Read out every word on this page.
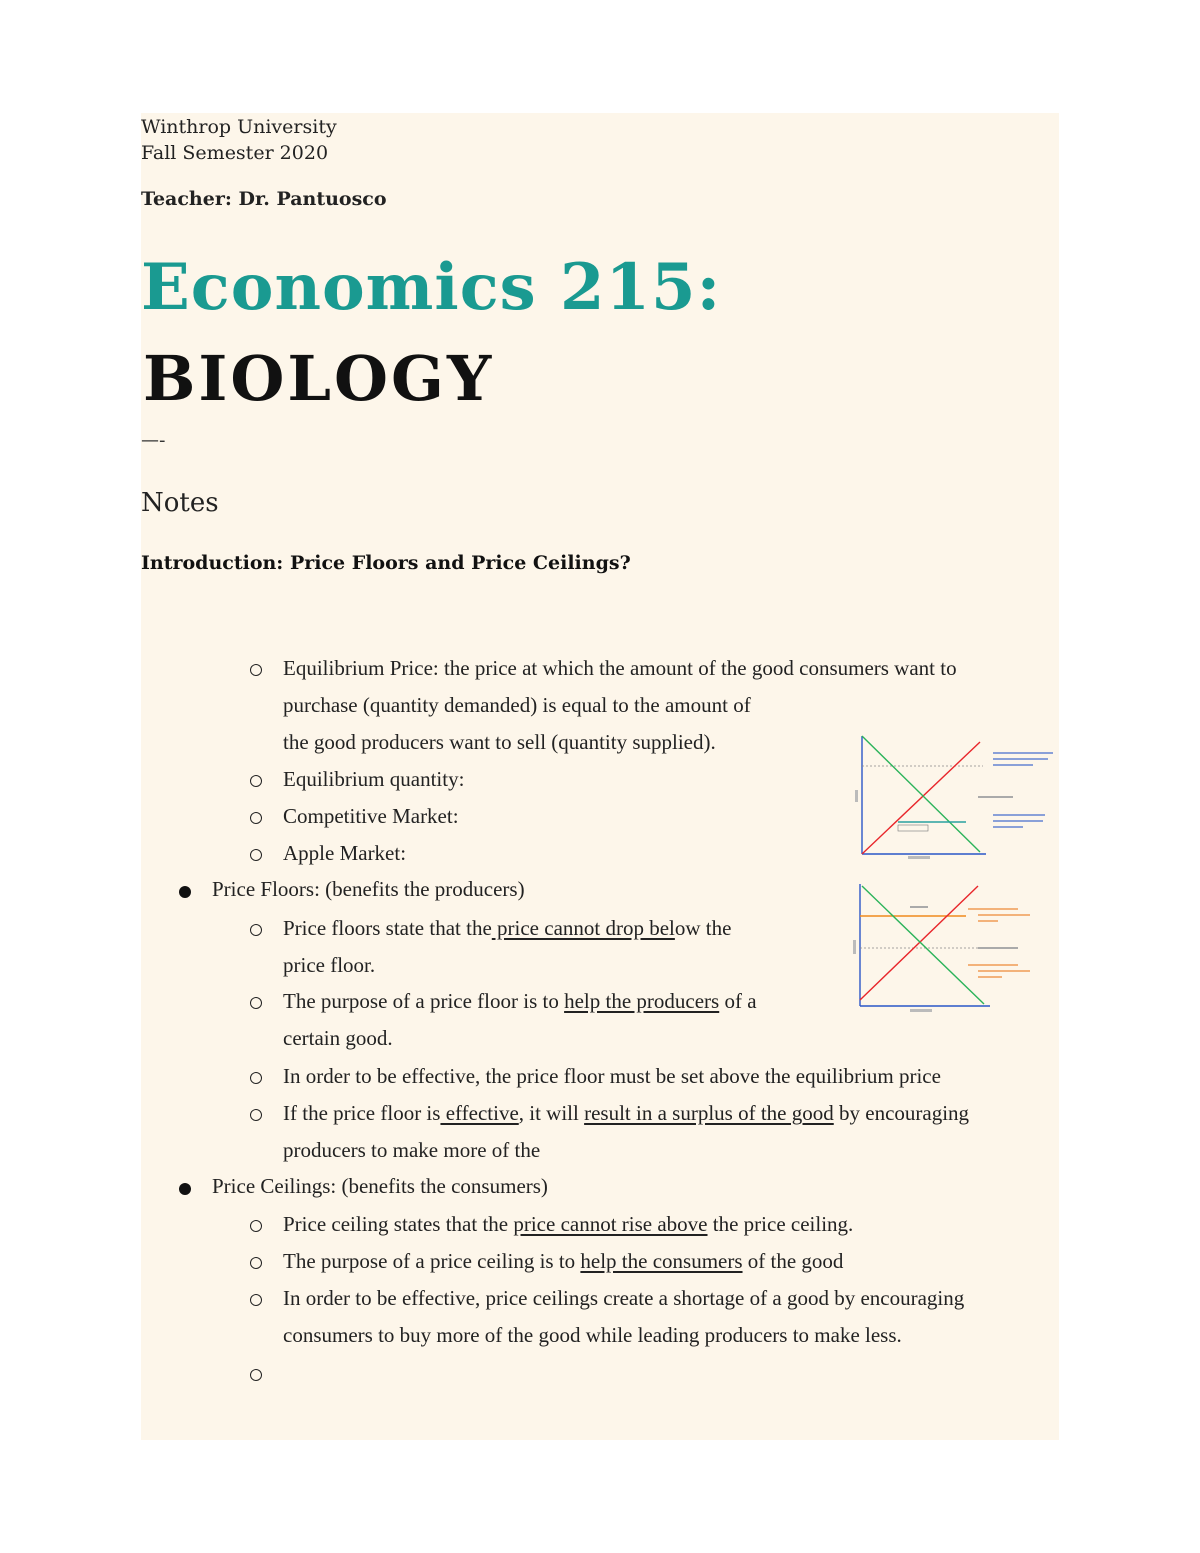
Winthrop University
Fall Semester 2020
Teacher: Dr. Pantuosco
Economics 215:
BIOLOGY
—-
Notes
Introduction: Price Floors and Price Ceilings?
Equilibrium Price: the price at which the amount of the good consumers want to
purchase (quantity demanded) is equal to the amount of
the good producers want to sell (quantity supplied).
Equilibrium quantity:
Competitive Market:
Apple Market:
Price Floors: (benefits the producers)
Price floors state that the price cannot drop below the
price floor.
The purpose of a price floor is to help the producers of a
certain good.
In order to be effective, the price floor must be set above the equilibrium price
If the price floor is effective, it will result in a surplus of the good by encouraging
producers to make more of the
Price Ceilings: (benefits the consumers)
Price ceiling states that the price cannot rise above the price ceiling.
The purpose of a price ceiling is to help the consumers of the good
In order to be effective, price ceilings create a shortage of a good by encouraging
consumers to buy more of the good while leading producers to make less.
